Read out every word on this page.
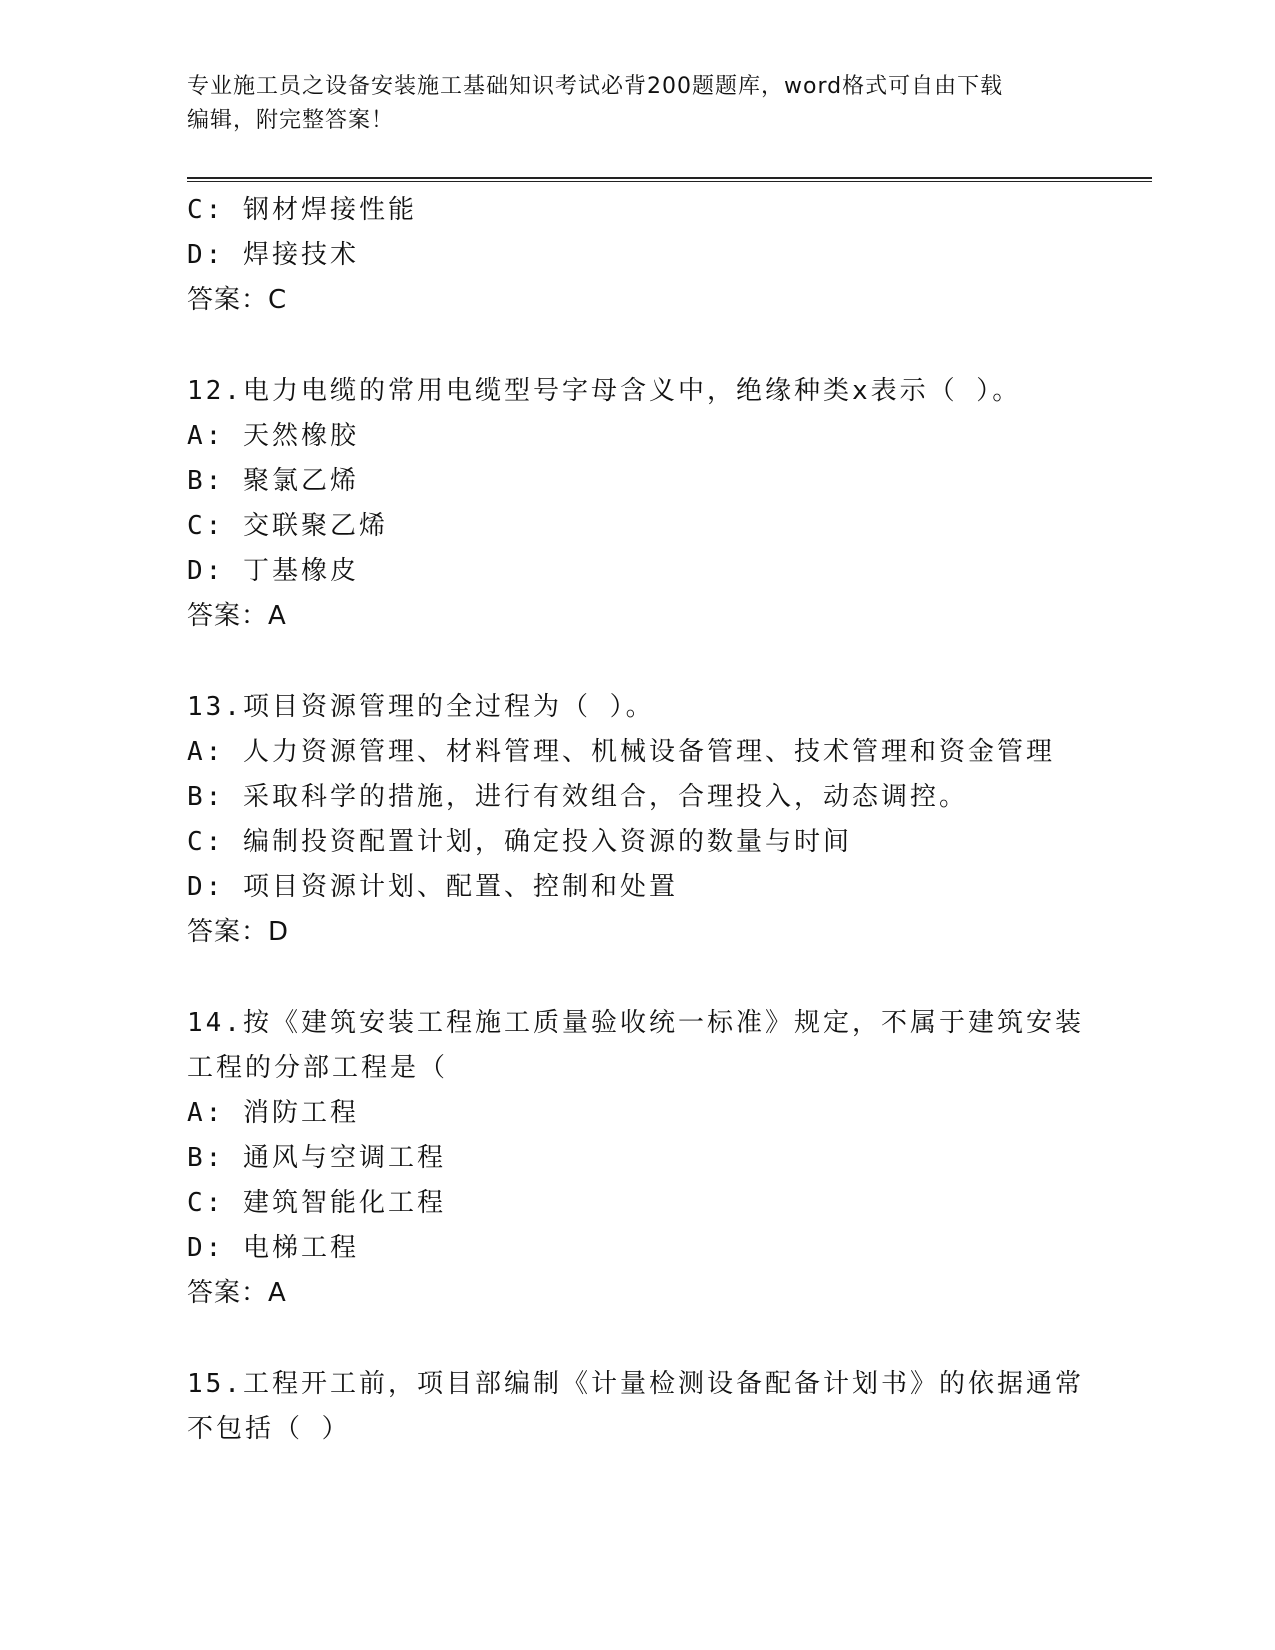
专业施工员之设备安装施工基础知识考试必背200题题库，word格式可自由下载
编辑，附完整答案！
C: 钢材焊接性能
D: 焊接技术
答案：C
12.电力电缆的常用电缆型号字母含义中，绝缘种类x表示（ ）。
A: 天然橡胶
B: 聚氯乙烯
C: 交联聚乙烯
D: 丁基橡皮
答案：A
13.项目资源管理的全过程为（ ）。
A: 人力资源管理、材料管理、机械设备管理、技术管理和资金管理
B: 采取科学的措施，进行有效组合，合理投入，动态调控。
C: 编制投资配置计划，确定投入资源的数量与时间
D: 项目资源计划、配置、控制和处置
答案：D
14.按《建筑安装工程施工质量验收统一标准》规定，不属于建筑安装
工程的分部工程是（
A: 消防工程
B: 通风与空调工程
C: 建筑智能化工程
D: 电梯工程
答案：A
15.工程开工前，项目部编制《计量检测设备配备计划书》的依据通常
不包括（ ）
